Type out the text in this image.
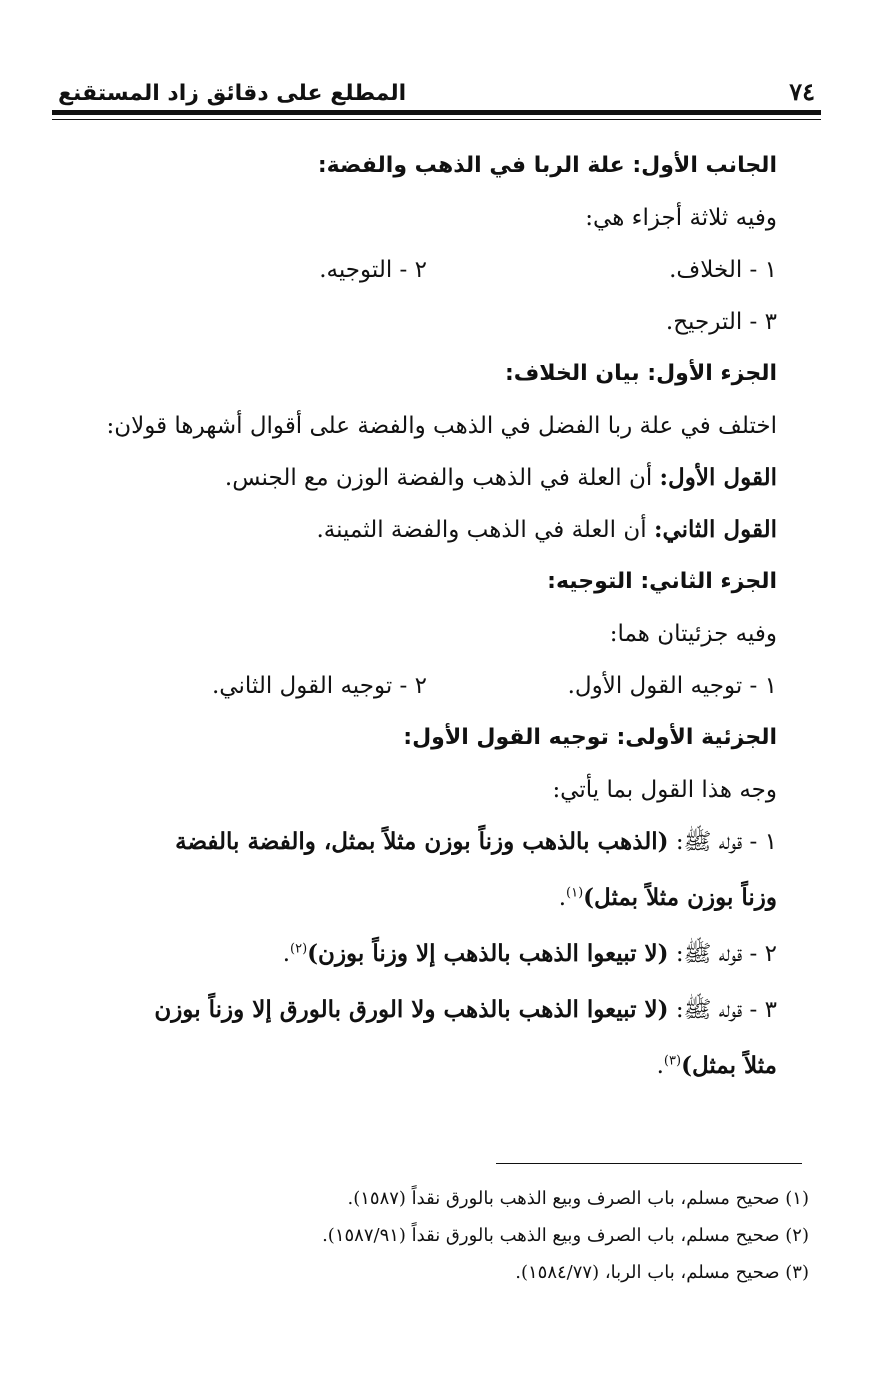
٧٤
المطلع على دقائق زاد المستقنع
الجانب الأول: علة الربا في الذهب والفضة:
وفيه ثلاثة أجزاء هي:
١ - الخلاف.
٢ - التوجيه.
٣ - الترجيح.
الجزء الأول: بيان الخلاف:
اختلف في علة ربا الفضل في الذهب والفضة على أقوال أشهرها قولان:
القول الأول: أن العلة في الذهب والفضة الوزن مع الجنس.
القول الثاني: أن العلة في الذهب والفضة الثمينة.
الجزء الثاني: التوجيه:
وفيه جزئيتان هما:
١ - توجيه القول الأول.
٢ - توجيه القول الثاني.
الجزئية الأولى: توجيه القول الأول:
وجه هذا القول بما يأتي:
١ - قوله ﷺ: (الذهب بالذهب وزناً بوزن مثلاً بمثل، والفضة بالفضة
وزناً بوزن مثلاً بمثل)$^{(١)}$.
٢ - قوله ﷺ: (لا تبيعوا الذهب بالذهب إلا وزناً بوزن)$^{(٢)}$.
٣ - قوله ﷺ: (لا تبيعوا الذهب بالذهب ولا الورق بالورق إلا وزناً بوزن
مثلاً بمثل)$^{(٣)}$.
(١) صحيح مسلم، باب الصرف وبيع الذهب بالورق نقداً (١٥٨٧).
(٢) صحيح مسلم، باب الصرف وبيع الذهب بالورق نقداً (١٥٨٧/٩١).
(٣) صحيح مسلم، باب الربا، (١٥٨٤/٧٧).
